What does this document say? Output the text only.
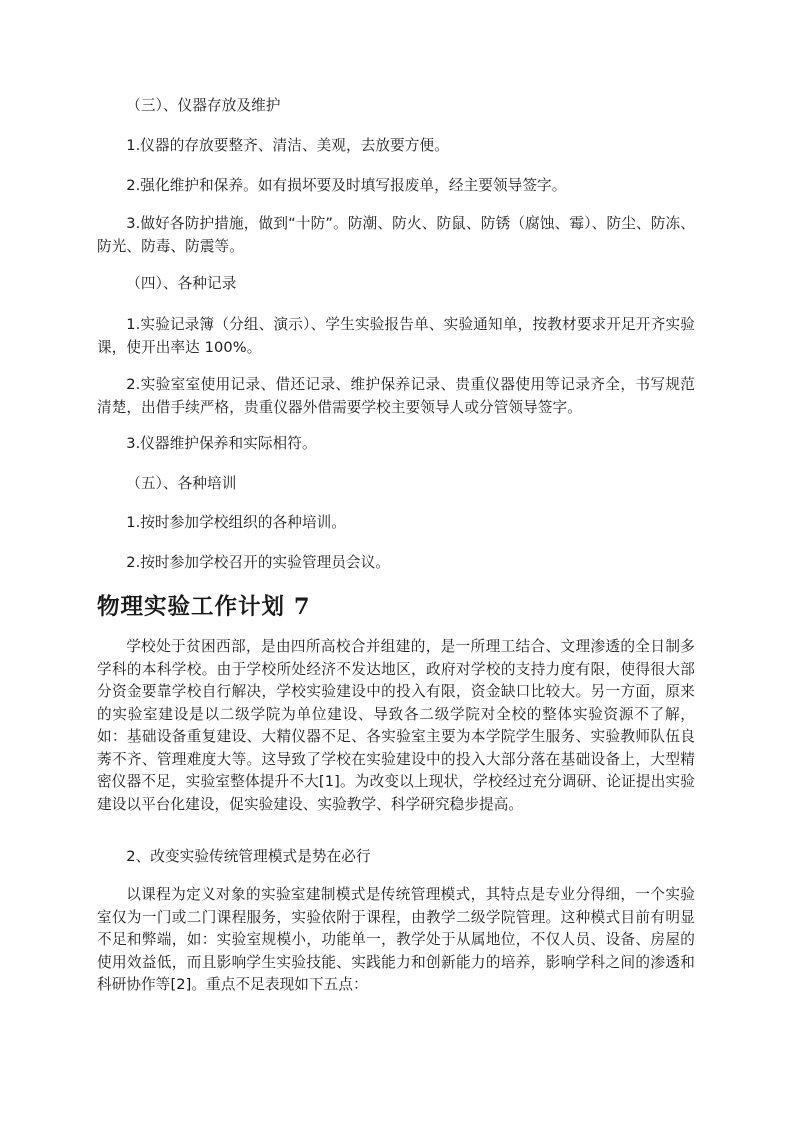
（三）、仪器存放及维护

1.仪器的存放要整齐、清洁、美观，去放要方便。

2.强化维护和保养。如有损坏要及时填写报废单，经主要领导签字。

3.做好各防护措施，做到“十防”。防潮、防火、防鼠、防锈（腐蚀、霉）、防尘、防冻、防光、防毒、防震等。

（四）、各种记录

1.实验记录簿（分组、演示）、学生实验报告单、实验通知单，按教材要求开足开齐实验课，使开出率达 100%。

2.实验室室使用记录、借还记录、维护保养记录、贵重仪器使用等记录齐全，书写规范清楚，出借手续严格，贵重仪器外借需要学校主要领导人或分管领导签字。

3.仪器维护保养和实际相符。

（五）、各种培训

1.按时参加学校组织的各种培训。

2.按时参加学校召开的实验管理员会议。

物理实验工作计划 7

学校处于贫困西部，是由四所高校合并组建的，是一所理工结合、文理渗透的全日制多学科的本科学校。由于学校所处经济不发达地区，政府对学校的支持力度有限，使得很大部分资金要靠学校自行解决，学校实验建设中的投入有限，资金缺口比较大。另一方面，原来的实验室建设是以二级学院为单位建设、导致各二级学院对全校的整体实验资源不了解，如：基础设备重复建设、大精仪器不足、各实验室主要为本学院学生服务、实验教师队伍良莠不齐、管理难度大等。这导致了学校在实验建设中的投入大部分落在基础设备上，大型精密仪器不足，实验室整体提升不大[1]。为改变以上现状，学校经过充分调研、论证提出实验建设以平台化建设，促实验建设、实验教学、科学研究稳步提高。

2、改变实验传统管理模式是势在必行

以课程为定义对象的实验室建制模式是传统管理模式，其特点是专业分得细，一个实验室仅为一门或二门课程服务，实验依附于课程，由教学二级学院管理。这种模式目前有明显不足和弊端，如：实验室规模小，功能单一，教学处于从属地位，不仅人员、设备、房屋的使用效益低，而且影响学生实验技能、实践能力和创新能力的培养，影响学科之间的渗透和科研协作等[2]。重点不足表现如下五点：
